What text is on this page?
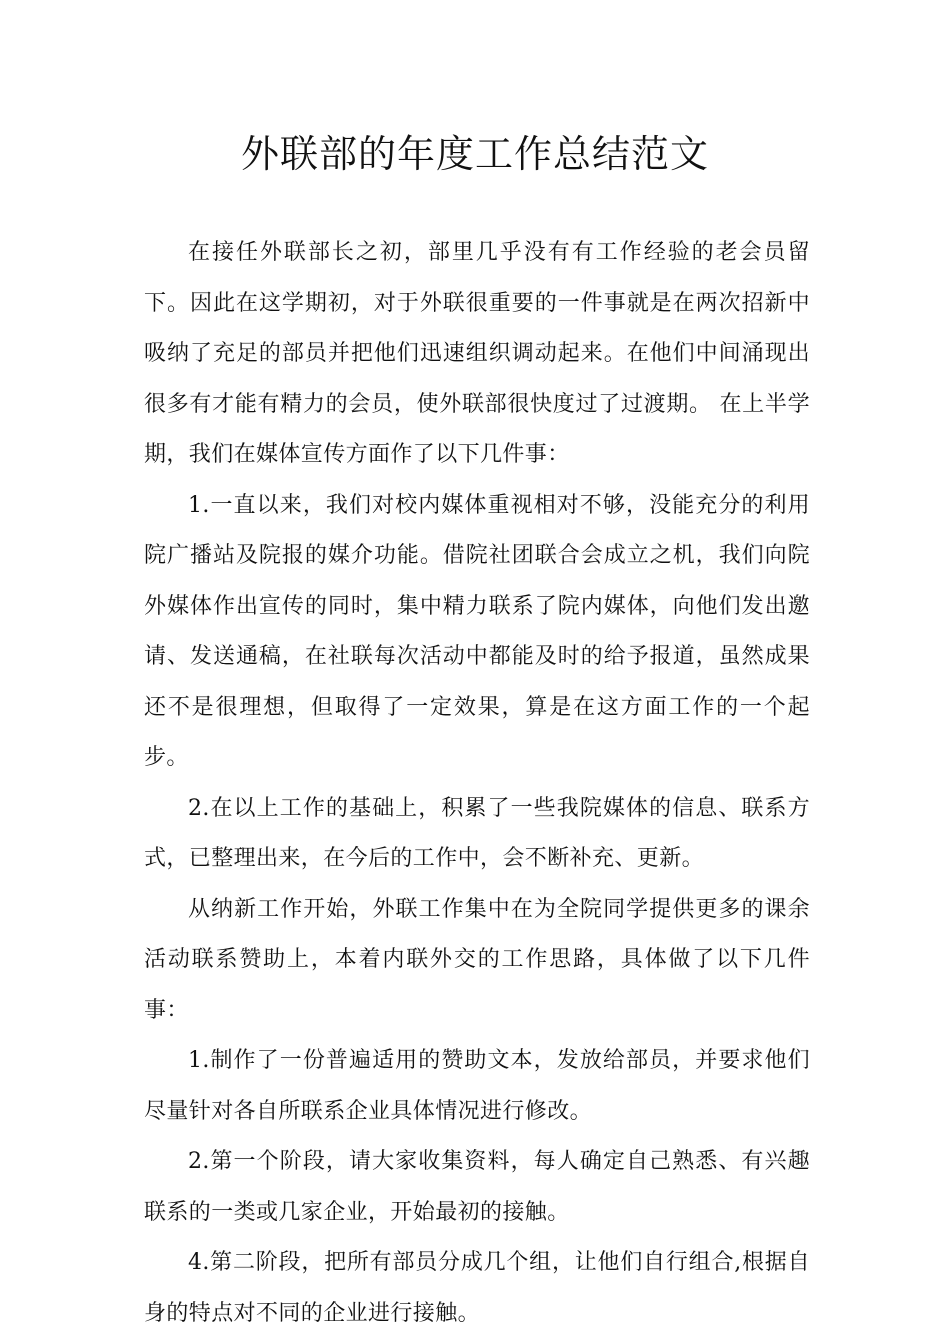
外联部的年度工作总结范文

在接任外联部长之初，部里几乎没有有工作经验的老会员留下。因此在这学期初，对于外联很重要的一件事就是在两次招新中吸纳了充足的部员并把他们迅速组织调动起来。在他们中间涌现出很多有才能有精力的会员，使外联部很快度过了过渡期。 在上半学期，我们在媒体宣传方面作了以下几件事：

1.一直以来，我们对校内媒体重视相对不够，没能充分的利用院广播站及院报的媒介功能。借院社团联合会成立之机，我们向院外媒体作出宣传的同时，集中精力联系了院内媒体，向他们发出邀请、发送通稿，在社联每次活动中都能及时的给予报道，虽然成果还不是很理想，但取得了一定效果，算是在这方面工作的一个起步。

2.在以上工作的基础上，积累了一些我院媒体的信息、联系方式，已整理出来，在今后的工作中，会不断补充、更新。

从纳新工作开始，外联工作集中在为全院同学提供更多的课余活动联系赞助上，本着内联外交的工作思路，具体做了以下几件事：

1.制作了一份普遍适用的赞助文本，发放给部员，并要求他们尽量针对各自所联系企业具体情况进行修改。

2.第一个阶段，请大家收集资料，每人确定自己熟悉、有兴趣联系的一类或几家企业，开始最初的接触。

4.第二阶段，把所有部员分成几个组，让他们自行组合,根据自身的特点对不同的企业进行接触。
